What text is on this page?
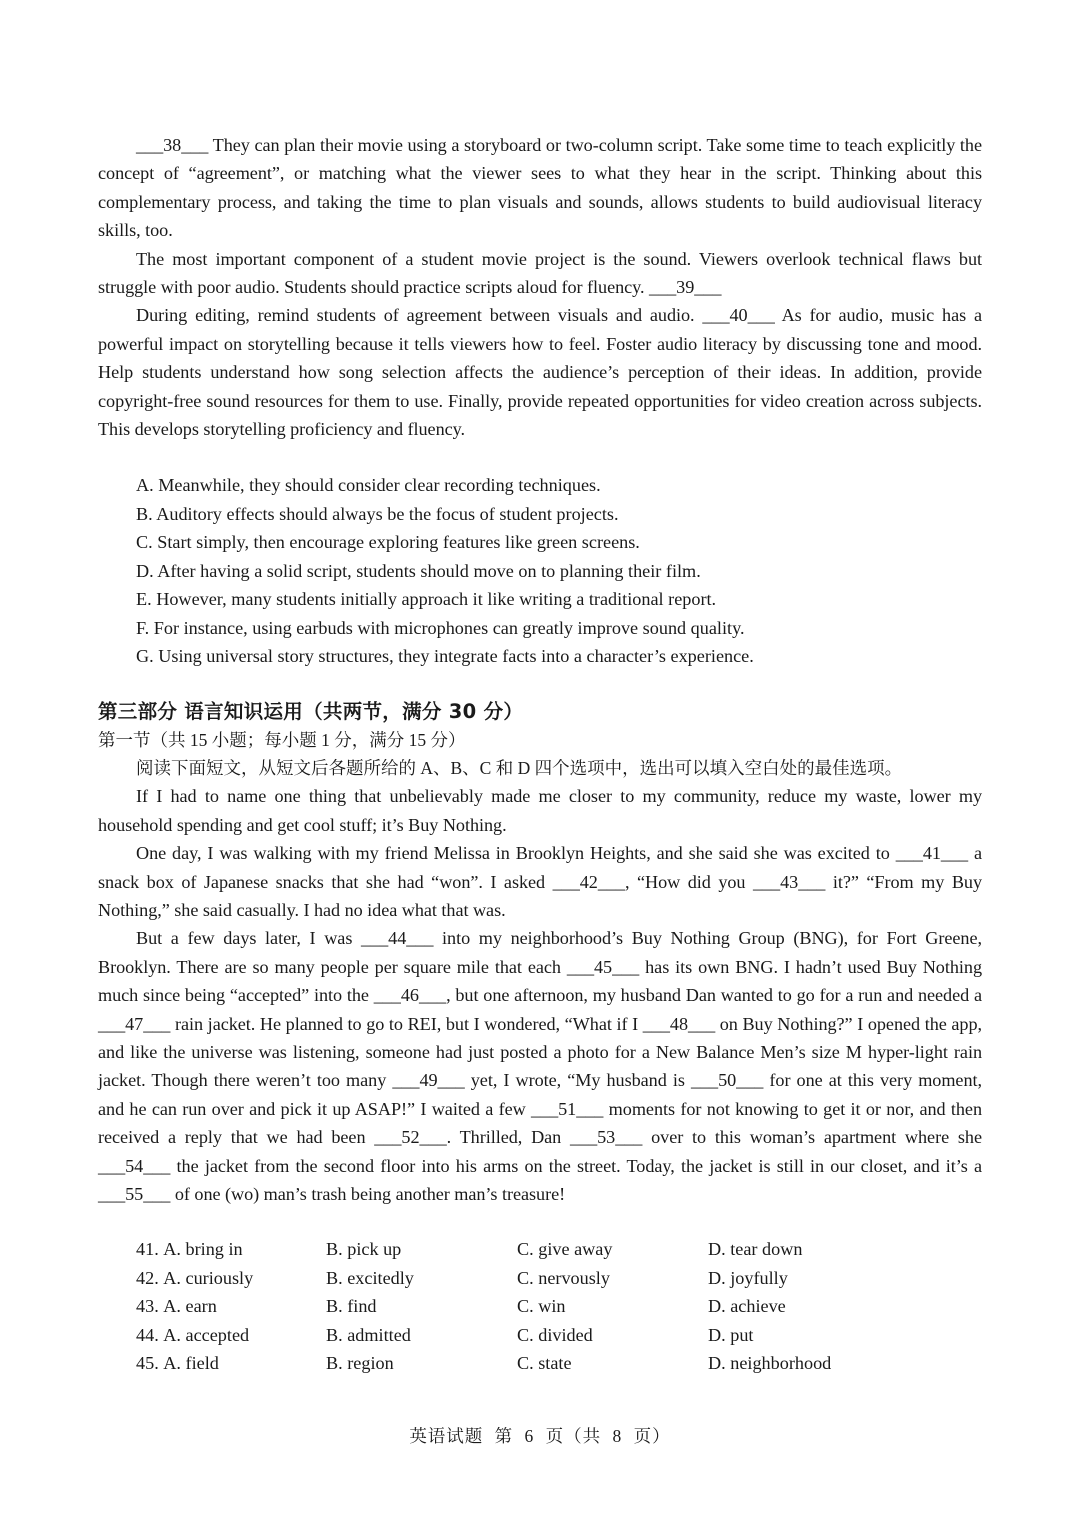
___38___ They can plan their movie using a storyboard or two-column script. Take some time to teach explicitly the concept of “agreement”, or matching what the viewer sees to what they hear in the script. Thinking about this complementary process, and taking the time to plan visuals and sounds, allows students to build audiovisual literacy skills, too.

The most important component of a student movie project is the sound. Viewers overlook technical flaws but struggle with poor audio. Students should practice scripts aloud for fluency. ___39___

During editing, remind students of agreement between visuals and audio. ___40___ As for audio, music has a powerful impact on storytelling because it tells viewers how to feel. Foster audio literacy by discussing tone and mood. Help students understand how song selection affects the audience’s perception of their ideas. In addition, provide copyright-free sound resources for them to use. Finally, provide repeated opportunities for video creation across subjects. This develops storytelling proficiency and fluency.

A. Meanwhile, they should consider clear recording techniques.

B. Auditory effects should always be the focus of student projects.

C. Start simply, then encourage exploring features like green screens.

D. After having a solid script, students should move on to planning their film.

E. However, many students initially approach it like writing a traditional report.

F. For instance, using earbuds with microphones can greatly improve sound quality.

G. Using universal story structures, they integrate facts into a character’s experience.

第三部分 语言知识运用（共两节，满分 30 分）

第一节（共 15 小题；每小题 1 分，满分 15 分）

阅读下面短文，从短文后各题所给的 A、B、C 和 D 四个选项中，选出可以填入空白处的最佳选项。

If I had to name one thing that unbelievably made me closer to my community, reduce my waste, lower my household spending and get cool stuff; it’s Buy Nothing.

One day, I was walking with my friend Melissa in Brooklyn Heights, and she said she was excited to ___41___ a snack box of Japanese snacks that she had “won”. I asked ___42___, “How did you ___43___ it?” “From my Buy Nothing,” she said casually. I had no idea what that was.

But a few days later, I was ___44___ into my neighborhood’s Buy Nothing Group (BNG), for Fort Greene, Brooklyn. There are so many people per square mile that each ___45___ has its own BNG. I hadn’t used Buy Nothing much since being “accepted” into the ___46___, but one afternoon, my husband Dan wanted to go for a run and needed a ___47___ rain jacket. He planned to go to REI, but I wondered, “What if I ___48___ on Buy Nothing?” I opened the app, and like the universe was listening, someone had just posted a photo for a New Balance Men’s size M hyper-light rain jacket. Though there weren’t too many ___49___ yet, I wrote, “My husband is ___50___ for one at this very moment, and he can run over and pick it up ASAP!” I waited a few ___51___ moments for not knowing to get it or nor, and then received a reply that we had been ___52___. Thrilled, Dan ___53___ over to this woman’s apartment where she ___54___ the jacket from the second floor into his arms on the street. Today, the jacket is still in our closet, and it’s a ___55___ of one (wo) man’s trash being another man’s treasure!

41. A. bring in	B. pick up	C. give away	D. tear down
42. A. curiously	B. excitedly	C. nervously	D. joyfully
43. A. earn	B. find	C. win	D. achieve
44. A. accepted	B. admitted	C. divided	D. put
45. A. field	B. region	C. state	D. neighborhood
英语试题 第 6 页（共 8 页）
